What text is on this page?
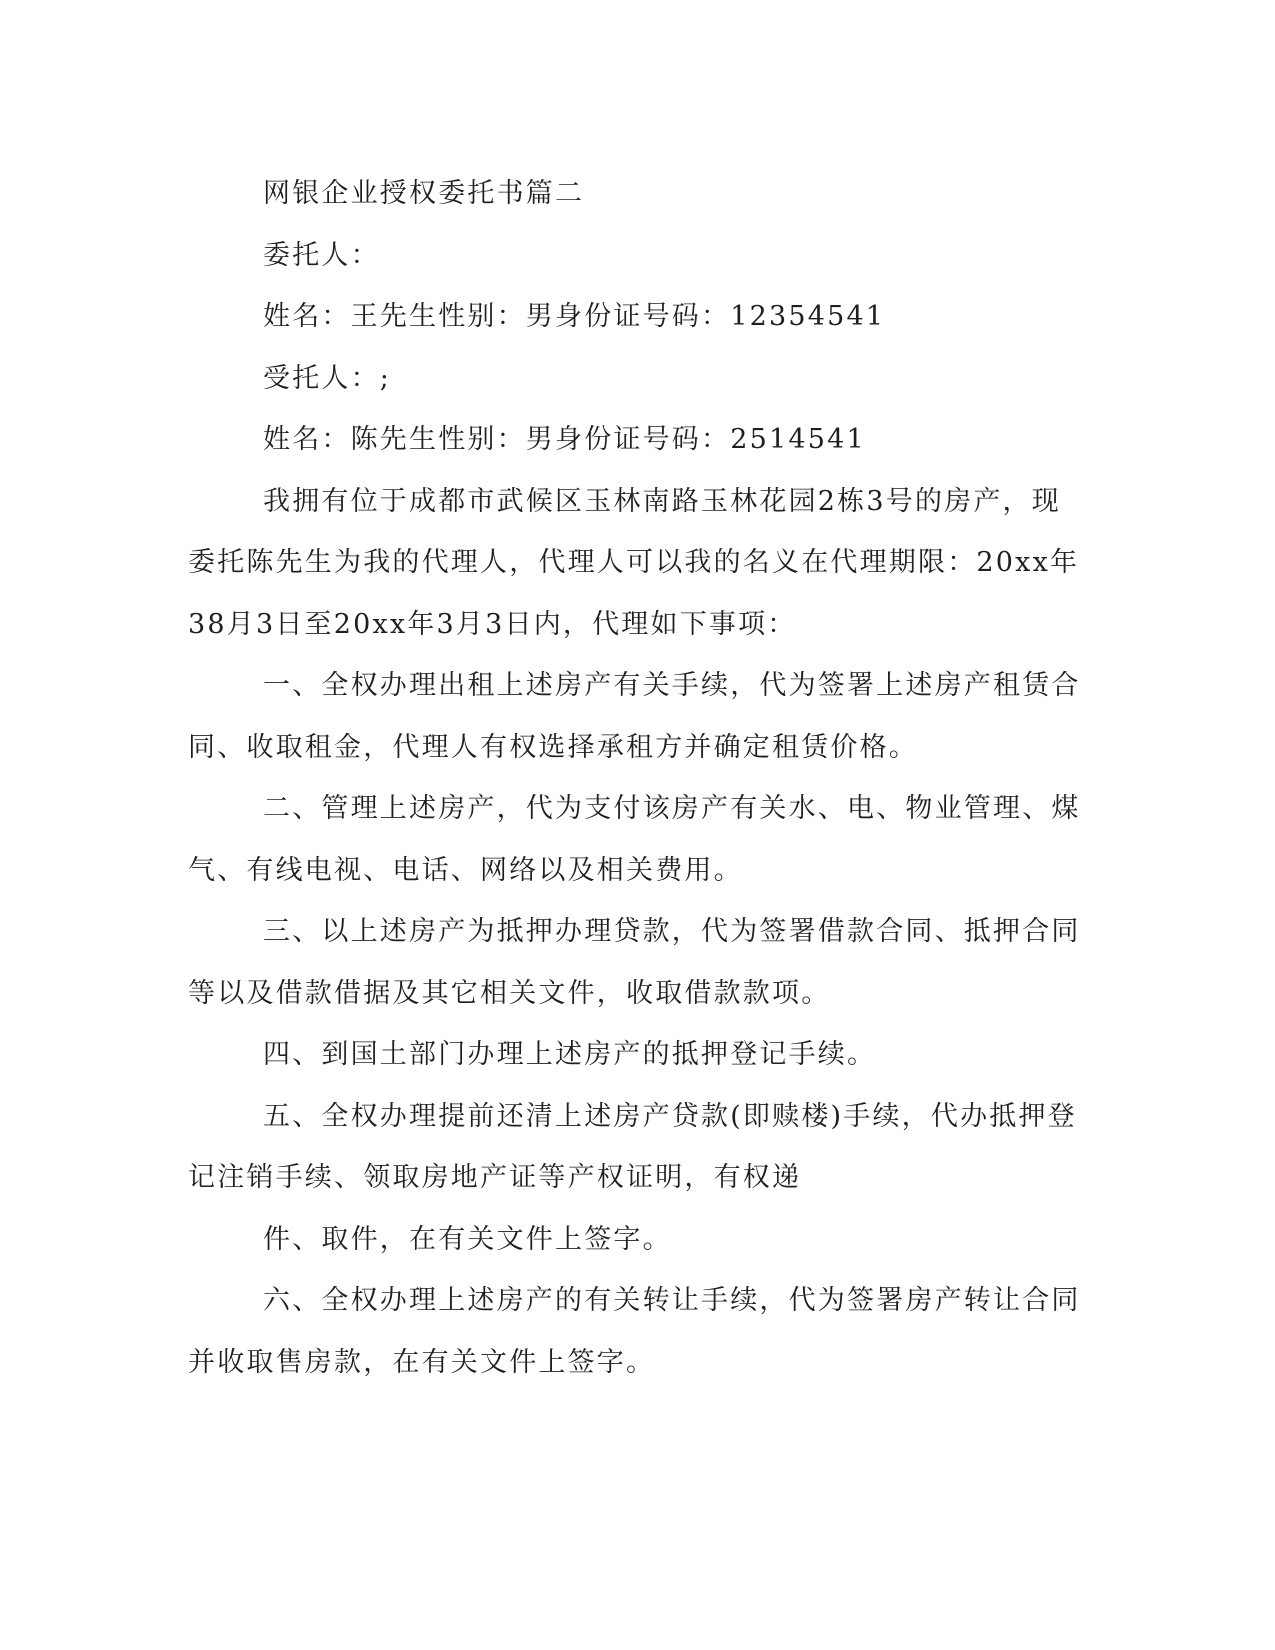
网银企业授权委托书篇二
委托人：
姓名：王先生性别：男身份证号码：12354541
受托人：;
姓名：陈先生性别：男身份证号码：2514541
我拥有位于成都市武候区玉林南路玉林花园2栋3号的房产，现
委托陈先生为我的代理人，代理人可以我的名义在代理期限：20xx年
38月3日至20xx年3月3日内，代理如下事项：
一、全权办理出租上述房产有关手续，代为签署上述房产租赁合
同、收取租金，代理人有权选择承租方并确定租赁价格。
二、管理上述房产，代为支付该房产有关水、电、物业管理、煤
气、有线电视、电话、网络以及相关费用。
三、以上述房产为抵押办理贷款，代为签署借款合同、抵押合同
等以及借款借据及其它相关文件，收取借款款项。
四、到国土部门办理上述房产的抵押登记手续。
五、全权办理提前还清上述房产贷款(即赎楼)手续，代办抵押登
记注销手续、领取房地产证等产权证明，有权递
件、取件，在有关文件上签字。
六、全权办理上述房产的有关转让手续，代为签署房产转让合同
并收取售房款，在有关文件上签字。
